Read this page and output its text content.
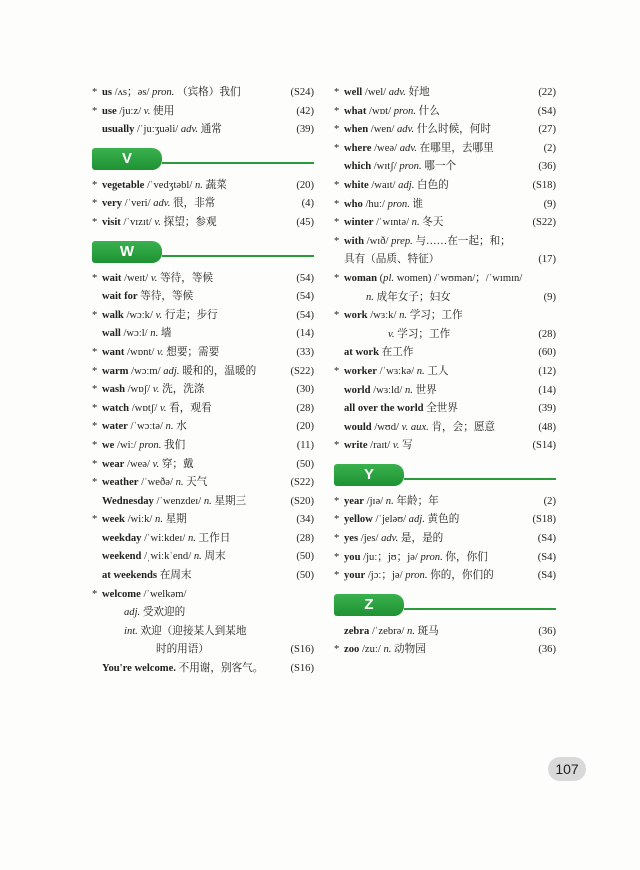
* us /ʌs；əs/ pron. （宾格）我们	(S24)
* use /juːz/ v. 使用	(42)
usually /ˈjuːʒuəli/ adv. 通常	(39)
V
* vegetable /ˈvedʒtəbl/ n. 蔬菜	(20)
* very /ˈveri/ adv. 很，非常	(4)
* visit /ˈvɪzɪt/ v. 探望；参观	(45)
W
* wait /weɪt/ v. 等待，等候	(54)
wait for 等待，等候	(54)
* walk /wɔːk/ v. 行走；步行	(54)
wall /wɔːl/ n. 墙	(14)
* want /wɒnt/ v. 想要；需要	(33)
* warm /wɔːm/ adj. 暖和的，温暖的	(S22)
* wash /wɒʃ/ v. 洗，洗涤	(30)
* watch /wɒtʃ/ v. 看，观看	(28)
* water /ˈwɔːtə/ n. 水	(20)
* we /wiː/ pron. 我们	(11)
* wear /weə/ v. 穿；戴	(50)
* weather /ˈweðə/ n. 天气	(S22)
Wednesday /ˈwenzdeɪ/ n. 星期三	(S20)
* week /wiːk/ n. 星期	(34)
weekday /ˈwiːkdeɪ/ n. 工作日	(28)
weekend /ˌwiːkˈend/ n. 周末	(50)
at weekends 在周末	(50)
* welcome /ˈwelkəm/
adj. 受欢迎的
int. 欢迎（迎接某人到某地
时的用语）	(S16)
You're welcome. 不用谢，别客气。	(S16)
* well /wel/ adv. 好地	(22)
* what /wɒt/ pron. 什么	(S4)
* when /wen/ adv. 什么时候，何时	(27)
* where /weə/ adv. 在哪里，去哪里	(2)
which /wɪtʃ/ pron. 哪一个	(36)
* white /waɪt/ adj. 白色的	(S18)
* who /huː/ pron. 谁	(9)
* winter /ˈwɪntə/ n. 冬天	(S22)
* with /wɪð/ prep. 与……在一起；和；
具有（品质、特征）	(17)
* woman (pl. women) /ˈwʊmən/；/ˈwɪmɪn/
n. 成年女子；妇女	(9)
* work /wɜːk/ n. 学习；工作
v. 学习；工作	(28)
at work 在工作	(60)
* worker /ˈwɜːkə/ n. 工人	(12)
world /wɜːld/ n. 世界	(14)
all over the world 全世界	(39)
would /wʊd/ v. aux. 肯，会；愿意	(48)
* write /raɪt/ v. 写	(S14)
Y
* year /jɪə/ n. 年龄；年	(2)
* yellow /ˈjeləʊ/ adj. 黄色的	(S18)
* yes /jes/ adv. 是，是的	(S4)
* you /juː；jʊ；jə/ pron. 你，你们	(S4)
* your /jɔː；jə/ pron. 你的，你们的	(S4)
Z
zebra /ˈzebrə/ n. 斑马	(36)
* zoo /zuː/ n. 动物园	(36)
107
